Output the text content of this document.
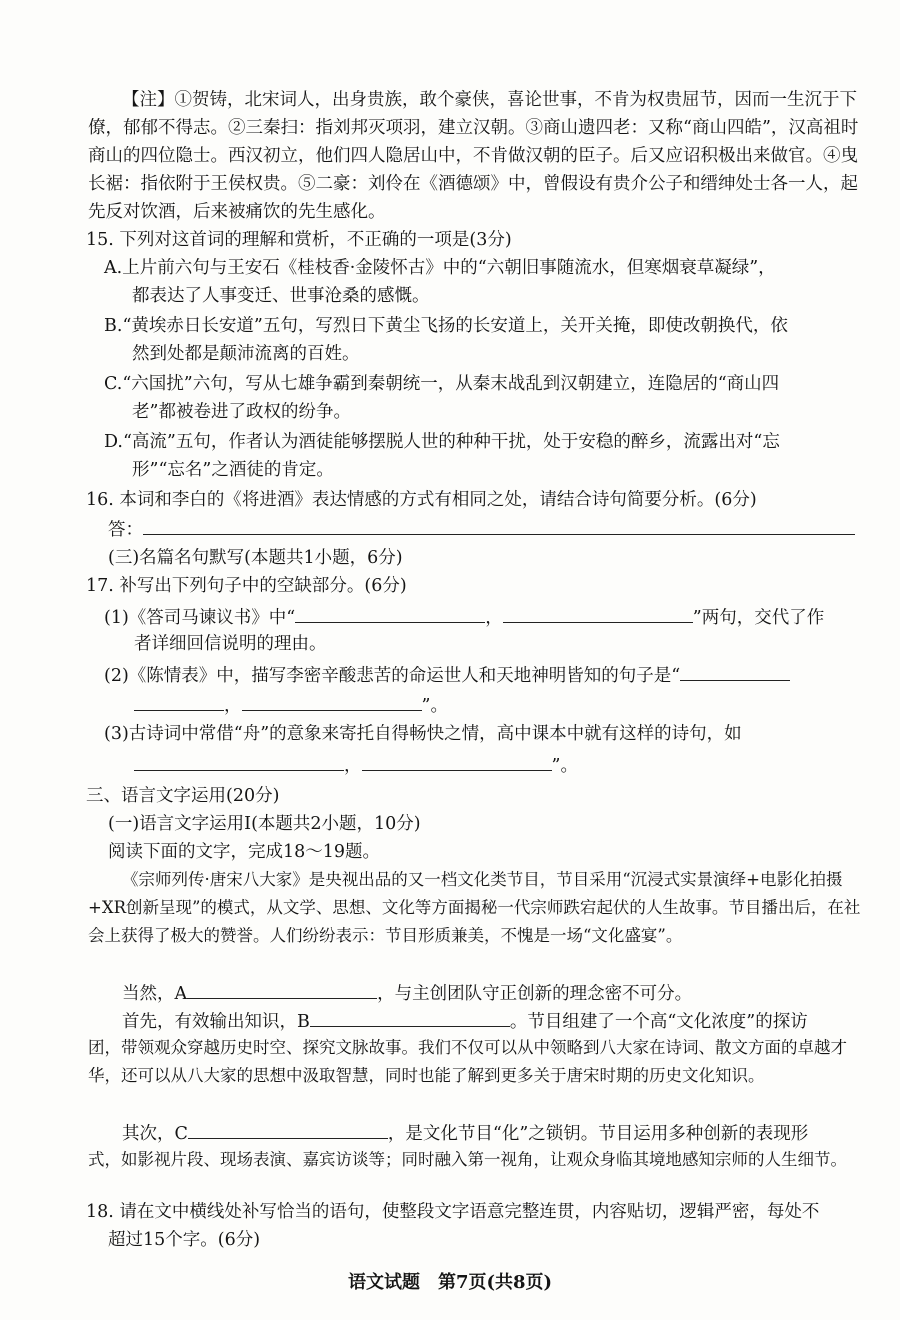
【注】①贺铸，北宋词人，出身贵族，敢个豪侠，喜论世事，不肯为权贵屈节，因而一生沉于下僚，郁郁不得志。②三秦扫：指刘邦灭项羽，建立汉朝。③商山遗四老：又称“商山四皓”，汉高祖时商山的四位隐士。西汉初立，他们四人隐居山中，不肯做汉朝的臣子。后又应诏积极出来做官。④曳长裾：指依附于王侯权贵。⑤二豪：刘伶在《酒德颂》中，曾假设有贵介公子和缙绅处士各一人，起先反对饮酒，后来被痛饮的先生感化。

15. 下列对这首词的理解和赏析，不正确的一项是(3分)
A.上片前六句与王安石《桂枝香·金陵怀古》中的“六朝旧事随流水，但寒烟衰草凝绿”，
都表达了人事变迁、世事沧桑的感慨。
B.“黄埃赤日长安道”五句，写烈日下黄尘飞扬的长安道上，关开关掩，即使改朝换代，依
然到处都是颠沛流离的百姓。
C.“六国扰”六句，写从七雄争霸到秦朝统一，从秦末战乱到汉朝建立，连隐居的“商山四
老”都被卷进了政权的纷争。
D.“高流”五句，作者认为酒徒能够摆脱人世的种种干扰，处于安稳的醉乡，流露出对“忘
形”“忘名”之酒徒的肯定。
16. 本词和李白的《将进酒》表达情感的方式有相同之处，请结合诗句简要分析。(6分)
答：
(三)名篇名句默写(本题共1小题，6分)
17. 补写出下列句子中的空缺部分。(6分)
(1)《答司马谏议书》中“	，	”两句，交代了作
者详细回信说明的理由。
(2)《陈情表》中，描写李密辛酸悲苦的命运世人和天地神明皆知的句子是“
，	”。
(3)古诗词中常借“舟”的意象来寄托自得畅快之情，高中课本中就有这样的诗句，如
，	”。
三、语言文字运用(20分)
(一)语言文字运用Ⅰ(本题共2小题，10分)
阅读下面的文字，完成18～19题。
《宗师列传·唐宋八大家》是央视出品的又一档文化类节目，节目采用“沉浸式实景演绎+电影化拍摄+XR创新呈现”的模式，从文学、思想、文化等方面揭秘一代宗师跌宕起伏的人生故事。节目播出后，在社会上获得了极大的赞誉。人们纷纷表示：节目形质兼美，不愧是一场“文化盛宴”。
当然，A	，与主创团队守正创新的理念密不可分。
首先，有效输出知识，B	。节目组建了一个高“文化浓度”的探访
团，带领观众穿越历史时空、探究文脉故事。我们不仅可以从中领略到八大家在诗词、散文方面的卓越才华，还可以从八大家的思想中汲取智慧，同时也能了解到更多关于唐宋时期的历史文化知识。
其次，C	，是文化节目“化”之锁钥。节目运用多种创新的表现形
式，如影视片段、现场表演、嘉宾访谈等；同时融入第一视角，让观众身临其境地感知宗师的人生细节。
18. 请在文中横线处补写恰当的语句，使整段文字语意完整连贯，内容贴切，逻辑严密，每处不
超过15个字。(6分)
语文试题　第7页(共8页)
